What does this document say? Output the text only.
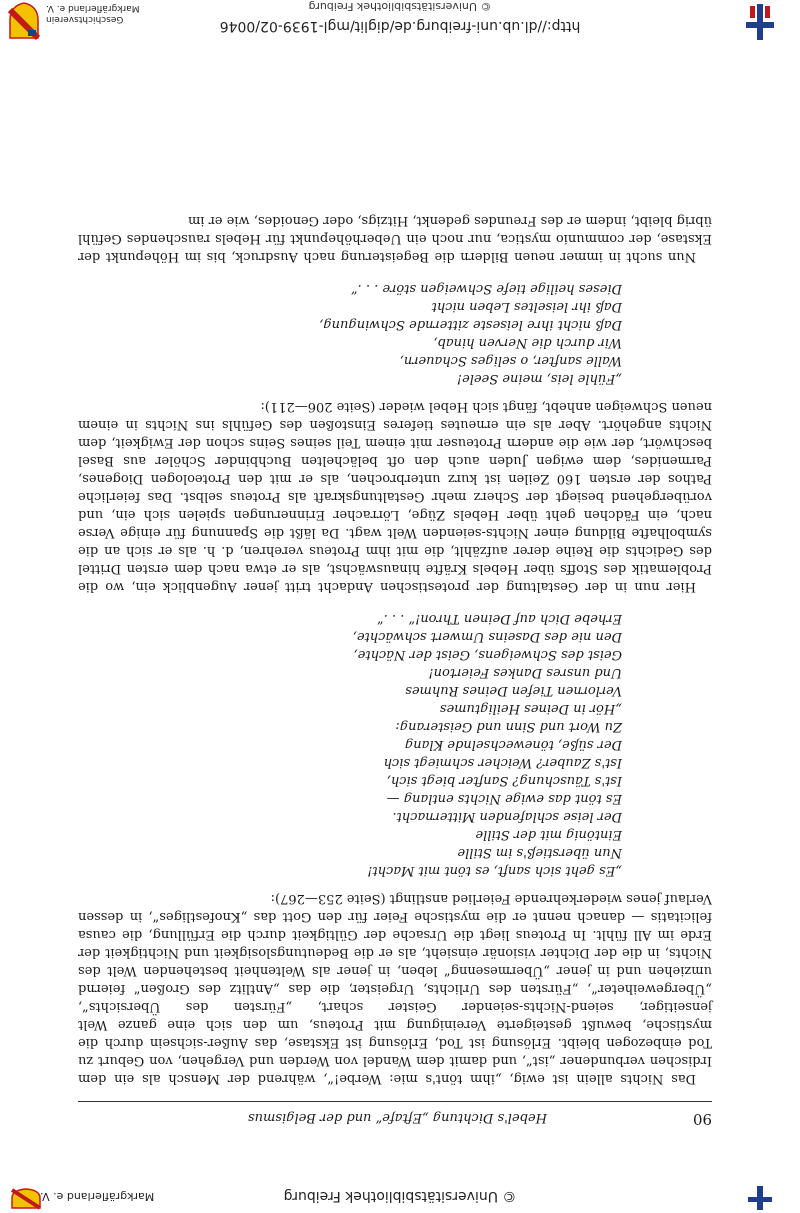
Geschichtsverein Markgräflerland e. V.	© Universitätsbibliothek Freiburg
http://dl.ub.uni-freiburg.de/diglit/mgl-1939-02/0046
90
Hebel's Dichtung „Eftafe“ und der Belgismus

Das Nichts allein ist ewig, „ihm tönt's mie: Werbe!“, während der Mensch als ein dem Irdischen verbundener „ist“, und damit dem Wandel von Werden und Vergehen, von Geburt zu Tod einbezogen bleibt. Erlösung ist Tod, Erlösung ist Ekstase, das Außer-sichsein durch die mystische, bewußt gesteigerte Vereinigung mit Proteus, um den sich eine ganze Welt jenseitiger, seiend-Nichts-seiender Geister schart, „Fürsten des Übersichts“, „Übergeweiheter“, „Fürsten des Urlichts, Urgeister, die das „Antlitz des Großen“ feiernd umziehen und in jener „Übermesenng“ leben, in jener als Weltenheit bestehenden Welt des Nichts, in die der Dichter visionär einsieht, als er die Bedeutungslosigkeit und Nichtigkeit der Erde im All fühlt. In Proteus liegt die Ursache der Gültigkeit durch die Erfüllung, die causa felicitatis — danach nennt er die mystische Feier für den Gott das „Knofestliges“, in dessen Verlauf jenes wiederkehrende Feierlied anstlingt (Seite 253—267):

„Es geht sich sanft, es tönt mit Macht!
Nun überstieß's im Stille
Eintönig mit der Stille
Der leise schlafenden Mitternacht.
Es tönt das ewige Nichts entlang —
Ist's Täuschung? Sanfter biegt sich,
Ist's Zauber? Weicher schmiegt sich
Der süße, tönewechselnde Klang
Zu Wort und Sinn und Geisterang:
„Hör in Deines Heiligtumes
Verlornen Tiefen Deines Ruhmes
Und unsres Dankes Feierton!
Geist des Schweigens, Geist der Nächte,
Den nie des Daseins Umwert schwächte,
Erhebe Dich auf Deinen Thron!“ . . .“

Hier nun in der Gestaltung der protestischen Andacht tritt jener Augenblick ein, wo die Problematik des Stoffs über Hebels Kräfte hinauswächst, als er etwa nach dem ersten Drittel des Gedichts die Reihe derer aufzählt, die mit ihm Proteus verehren, d. h. als er sich an die symbolhafte Bildung einer Nichts-seienden Welt wagt. Da läßt die Spannung für einige Verse nach, ein Fädchen geht über Hebels Züge, Lörracher Erinnerungen spielen sich ein, und vorübergehend besiegt der Scherz mehr Gestaltungskraft als Proteus selbst. Das feierliche Pathos der ersten 160 Zeilen ist kurz unterbrochen, als er mit den Proteologen Diogenes, Parmenides, dem ewigen Juden auch den oft belächelten Buchbinder Schöler aus Basel beschwört, der wie die andern Proteuser mit einem Teil seines Seins schon der Ewigkeit, dem Nichts angehört. Aber als ein erneutes tieferes Einstoßen des Gefühls ins Nichts in einem neuen Schweigen anhebt, fängt sich Hebel wieder (Seite 206—211):

„Fühle leis, meine Seele!
Walle sanfter, o seliges Schauern,
Wir durch die Nerven hinab,
Daß nicht ihre leiseste zitternde Schwingung,
Daß ihr leiseltes Leben nicht
Dieses heilige tiefe Schweigen störe . . .“

Nun sucht in immer neuen Bildern die Begeisterung nach Ausdruck, bis im Höhepunkt der Ekstase, der communio mystica, nur noch ein Ueberhöhepunkt für Hebels rauschendes Gefühl übrig bleibt, indem er des Freundes gedenkt, Hitzigs, oder Genoides, wie er im

Markgräflerland e. V.	© Universitätsbibliothek Freiburg
